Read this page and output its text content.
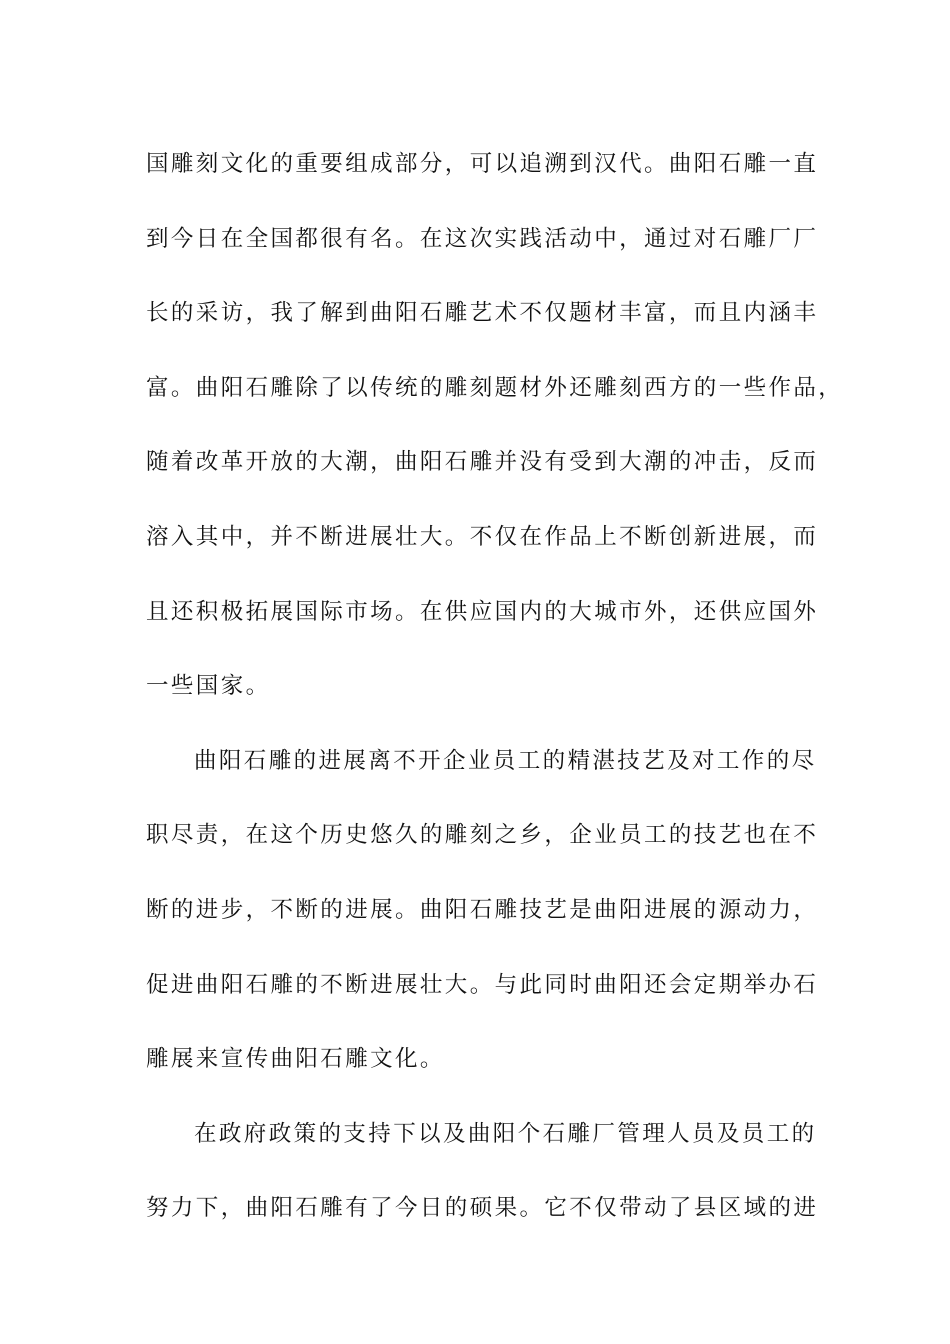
国雕刻文化的重要组成部分，可以追溯到汉代。曲阳石雕一直
到今日在全国都很有名。在这次实践活动中，通过对石雕厂厂
长的采访，我了解到曲阳石雕艺术不仅题材丰富，而且内涵丰
富。曲阳石雕除了以传统的雕刻题材外还雕刻西方的一些作品，
随着改革开放的大潮，曲阳石雕并没有受到大潮的冲击，反而
溶入其中，并不断进展壮大。不仅在作品上不断创新进展，而
且还积极拓展国际市场。在供应国内的大城市外，还供应国外
一些国家。
曲阳石雕的进展离不开企业员工的精湛技艺及对工作的尽
职尽责，在这个历史悠久的雕刻之乡，企业员工的技艺也在不
断的进步，不断的进展。曲阳石雕技艺是曲阳进展的源动力，
促进曲阳石雕的不断进展壮大。与此同时曲阳还会定期举办石
雕展来宣传曲阳石雕文化。
在政府政策的支持下以及曲阳个石雕厂管理人员及员工的
努力下，曲阳石雕有了今日的硕果。它不仅带动了县区域的进
